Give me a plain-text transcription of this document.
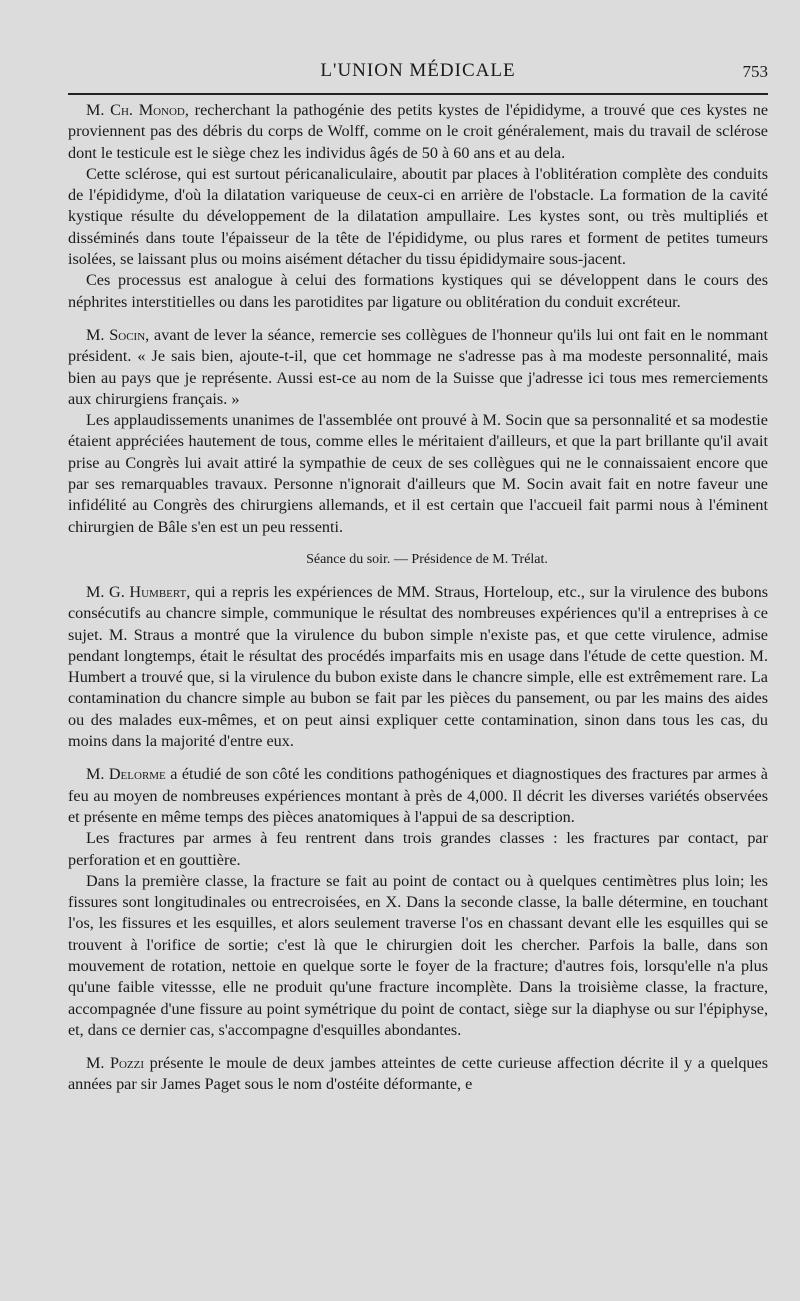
L'UNION MÉDICALE	753

M. Ch. Monod, recherchant la pathogénie des petits kystes de l'épididyme, a trouvé que ces kystes ne proviennent pas des débris du corps de Wolff, comme on le croit généralement, mais du travail de sclérose dont le testicule est le siège chez les individus âgés de 50 à 60 ans et au dela.

Cette sclérose, qui est surtout péricanaliculaire, aboutit par places à l'oblitération complète des conduits de l'épididyme, d'où la dilatation variqueuse de ceux-ci en arrière de l'obstacle. La formation de la cavité kystique résulte du développement de la dilatation ampullaire. Les kystes sont, ou très multipliés et disséminés dans toute l'épaisseur de la tête de l'épididyme, ou plus rares et forment de petites tumeurs isolées, se laissant plus ou moins aisément détacher du tissu épididymaire sous-jacent.

Ces processus est analogue à celui des formations kystiques qui se développent dans le cours des néphrites interstitielles ou dans les parotidites par ligature ou oblitération du conduit excréteur.

M. Socin, avant de lever la séance, remercie ses collègues de l'honneur qu'ils lui ont fait en le nommant président. « Je sais bien, ajoute-t-il, que cet hommage ne s'adresse pas à ma modeste personnalité, mais bien au pays que je représente. Aussi est-ce au nom de la Suisse que j'adresse ici tous mes remerciements aux chirurgiens français. »

Les applaudissements unanimes de l'assemblée ont prouvé à M. Socin que sa personnalité et sa modestie étaient appréciées hautement de tous, comme elles le méritaient d'ailleurs, et que la part brillante qu'il avait prise au Congrès lui avait attiré la sympathie de ceux de ses collègues qui ne le connaissaient encore que par ses remarquables travaux. Personne n'ignorait d'ailleurs que M. Socin avait fait en notre faveur une infidélité au Congrès des chirurgiens allemands, et il est certain que l'accueil fait parmi nous à l'éminent chirurgien de Bâle s'en est un peu ressenti.

Séance du soir. — Présidence de M. Trélat.

M. G. Humbert, qui a repris les expériences de MM. Straus, Horteloup, etc., sur la virulence des bubons consécutifs au chancre simple, communique le résultat des nombreuses expériences qu'il a entreprises à ce sujet. M. Straus a montré que la virulence du bubon simple n'existe pas, et que cette virulence, admise pendant longtemps, était le résultat des procédés imparfaits mis en usage dans l'étude de cette question. M. Humbert a trouvé que, si la virulence du bubon existe dans le chancre simple, elle est extrêmement rare. La contamination du chancre simple au bubon se fait par les pièces du pansement, ou par les mains des aides ou des malades eux-mêmes, et on peut ainsi expliquer cette contamination, sinon dans tous les cas, du moins dans la majorité d'entre eux.

M. Delorme a étudié de son côté les conditions pathogéniques et diagnostiques des fractures par armes à feu au moyen de nombreuses expériences montant à près de 4,000. Il décrit les diverses variétés observées et présente en même temps des pièces anatomiques à l'appui de sa description.

Les fractures par armes à feu rentrent dans trois grandes classes : les fractures par contact, par perforation et en gouttière.

Dans la première classe, la fracture se fait au point de contact ou à quelques centimètres plus loin; les fissures sont longitudinales ou entrecroisées, en X. Dans la seconde classe, la balle détermine, en touchant l'os, les fissures et les esquilles, et alors seulement traverse l'os en chassant devant elle les esquilles qui se trouvent à l'orifice de sortie; c'est là que le chirurgien doit les chercher. Parfois la balle, dans son mouvement de rotation, nettoie en quelque sorte le foyer de la fracture; d'autres fois, lorsqu'elle n'a plus qu'une faible vitessse, elle ne produit qu'une fracture incomplète. Dans la troisième classe, la fracture, accompagnée d'une fissure au point symétrique du point de contact, siège sur la diaphyse ou sur l'épiphyse, et, dans ce dernier cas, s'accompagne d'esquilles abondantes.

M. Pozzi présente le moule de deux jambes atteintes de cette curieuse affection décrite il y a quelques années par sir James Paget sous le nom d'ostéite déformante, e
